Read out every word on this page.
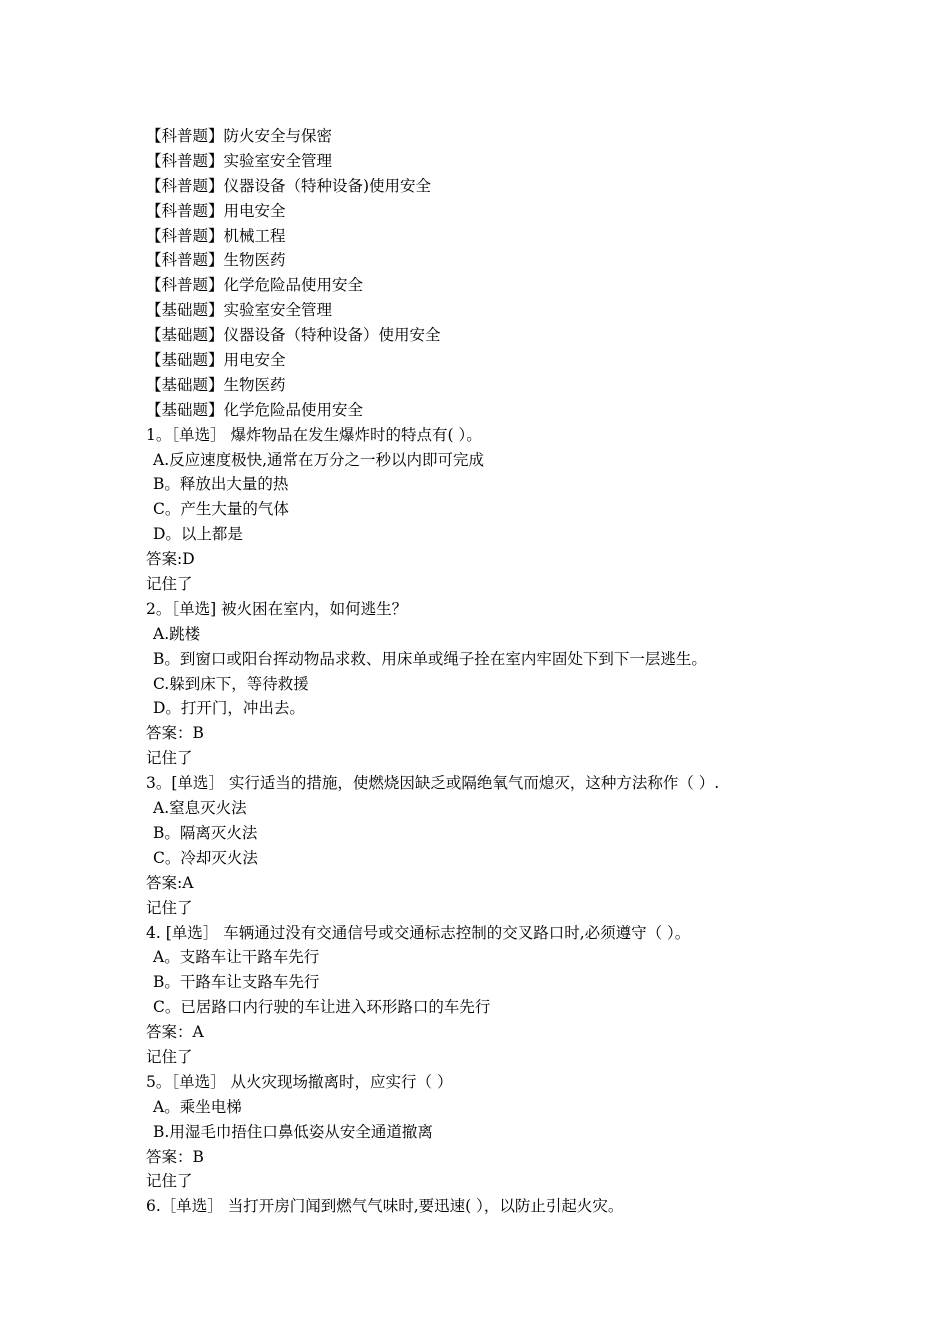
【科普题】防火安全与保密
【科普题】实验室安全管理
【科普题】仪器设备（特种设备)使用安全
【科普题】用电安全
【科普题】机械工程
【科普题】生物医药
【科普题】化学危险品使用安全
【基础题】实验室安全管理
【基础题】仪器设备（特种设备）使用安全
【基础题】用电安全
【基础题】生物医药
【基础题】化学危险品使用安全
1。［单选］ 爆炸物品在发生爆炸时的特点有( ）。
A.反应速度极快,通常在万分之一秒以内即可完成
B。释放出大量的热
C。产生大量的气体
D。以上都是
答案:D
记住了
2。［单选] 被火困在室内，如何逃生？
A.跳楼
B。到窗口或阳台挥动物品求救、用床单或绳子拴在室内牢固处下到下一层逃生。
C.躲到床下，等待救援
D。打开门，冲出去。
答案：B
记住了
3。[单选］ 实行适当的措施，使燃烧因缺乏或隔绝氧气而熄灭，这种方法称作（ ）.
A.窒息灭火法
B。隔离灭火法
C。冷却灭火法
答案:A
记住了
4. [单选］ 车辆通过没有交通信号或交通标志控制的交叉路口时,必须遵守（ ）。
A。支路车让干路车先行
B。干路车让支路车先行
C。已居路口内行驶的车让进入环形路口的车先行
答案：A
记住了
5。［单选］ 从火灾现场撤离时，应实行（ ）
A。乘坐电梯
B.用湿毛巾捂住口鼻低姿从安全通道撤离
答案：B
记住了
6.［单选］ 当打开房门闻到燃气气味时,要迅速( ），以防止引起火灾。
